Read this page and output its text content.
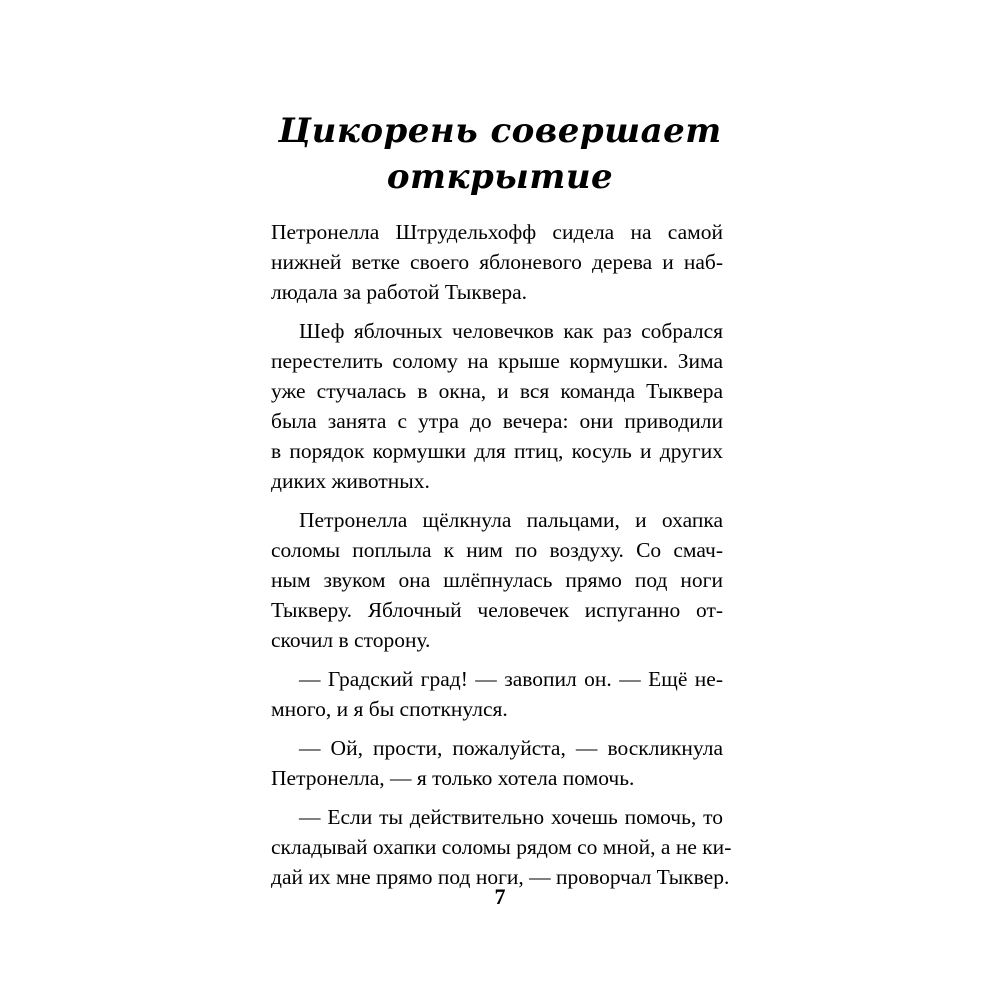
Цикорень совершает
открытие
Петронелла Штрудельхофф сидела на самой
нижней ветке своего яблоневого дерева и наб-
людала за работой Тыквера.
Шеф яблочных человечков как раз собрался
перестелить солому на крыше кормушки. Зима
уже стучалась в окна, и вся команда Тыквера
была занята с утра до вечера: они приводили
в порядок кормушки для птиц, косуль и других
диких животных.
Петронелла щёлкнула пальцами, и охапка
соломы поплыла к ним по воздуху. Со смач-
ным звуком она шлёпнулась прямо под ноги
Тыкверу. Яблочный человечек испуганно от-
скочил в сторону.
— Градский град! — завопил он. — Ещё не-
много, и я бы споткнулся.
— Ой, прости, пожалуйста, — воскликнула
Петронелла, — я только хотела помочь.
— Если ты действительно хочешь помочь, то
складывай охапки соломы рядом со мной, а не ки-
дай их мне прямо под ноги, — проворчал Тыквер.
7
